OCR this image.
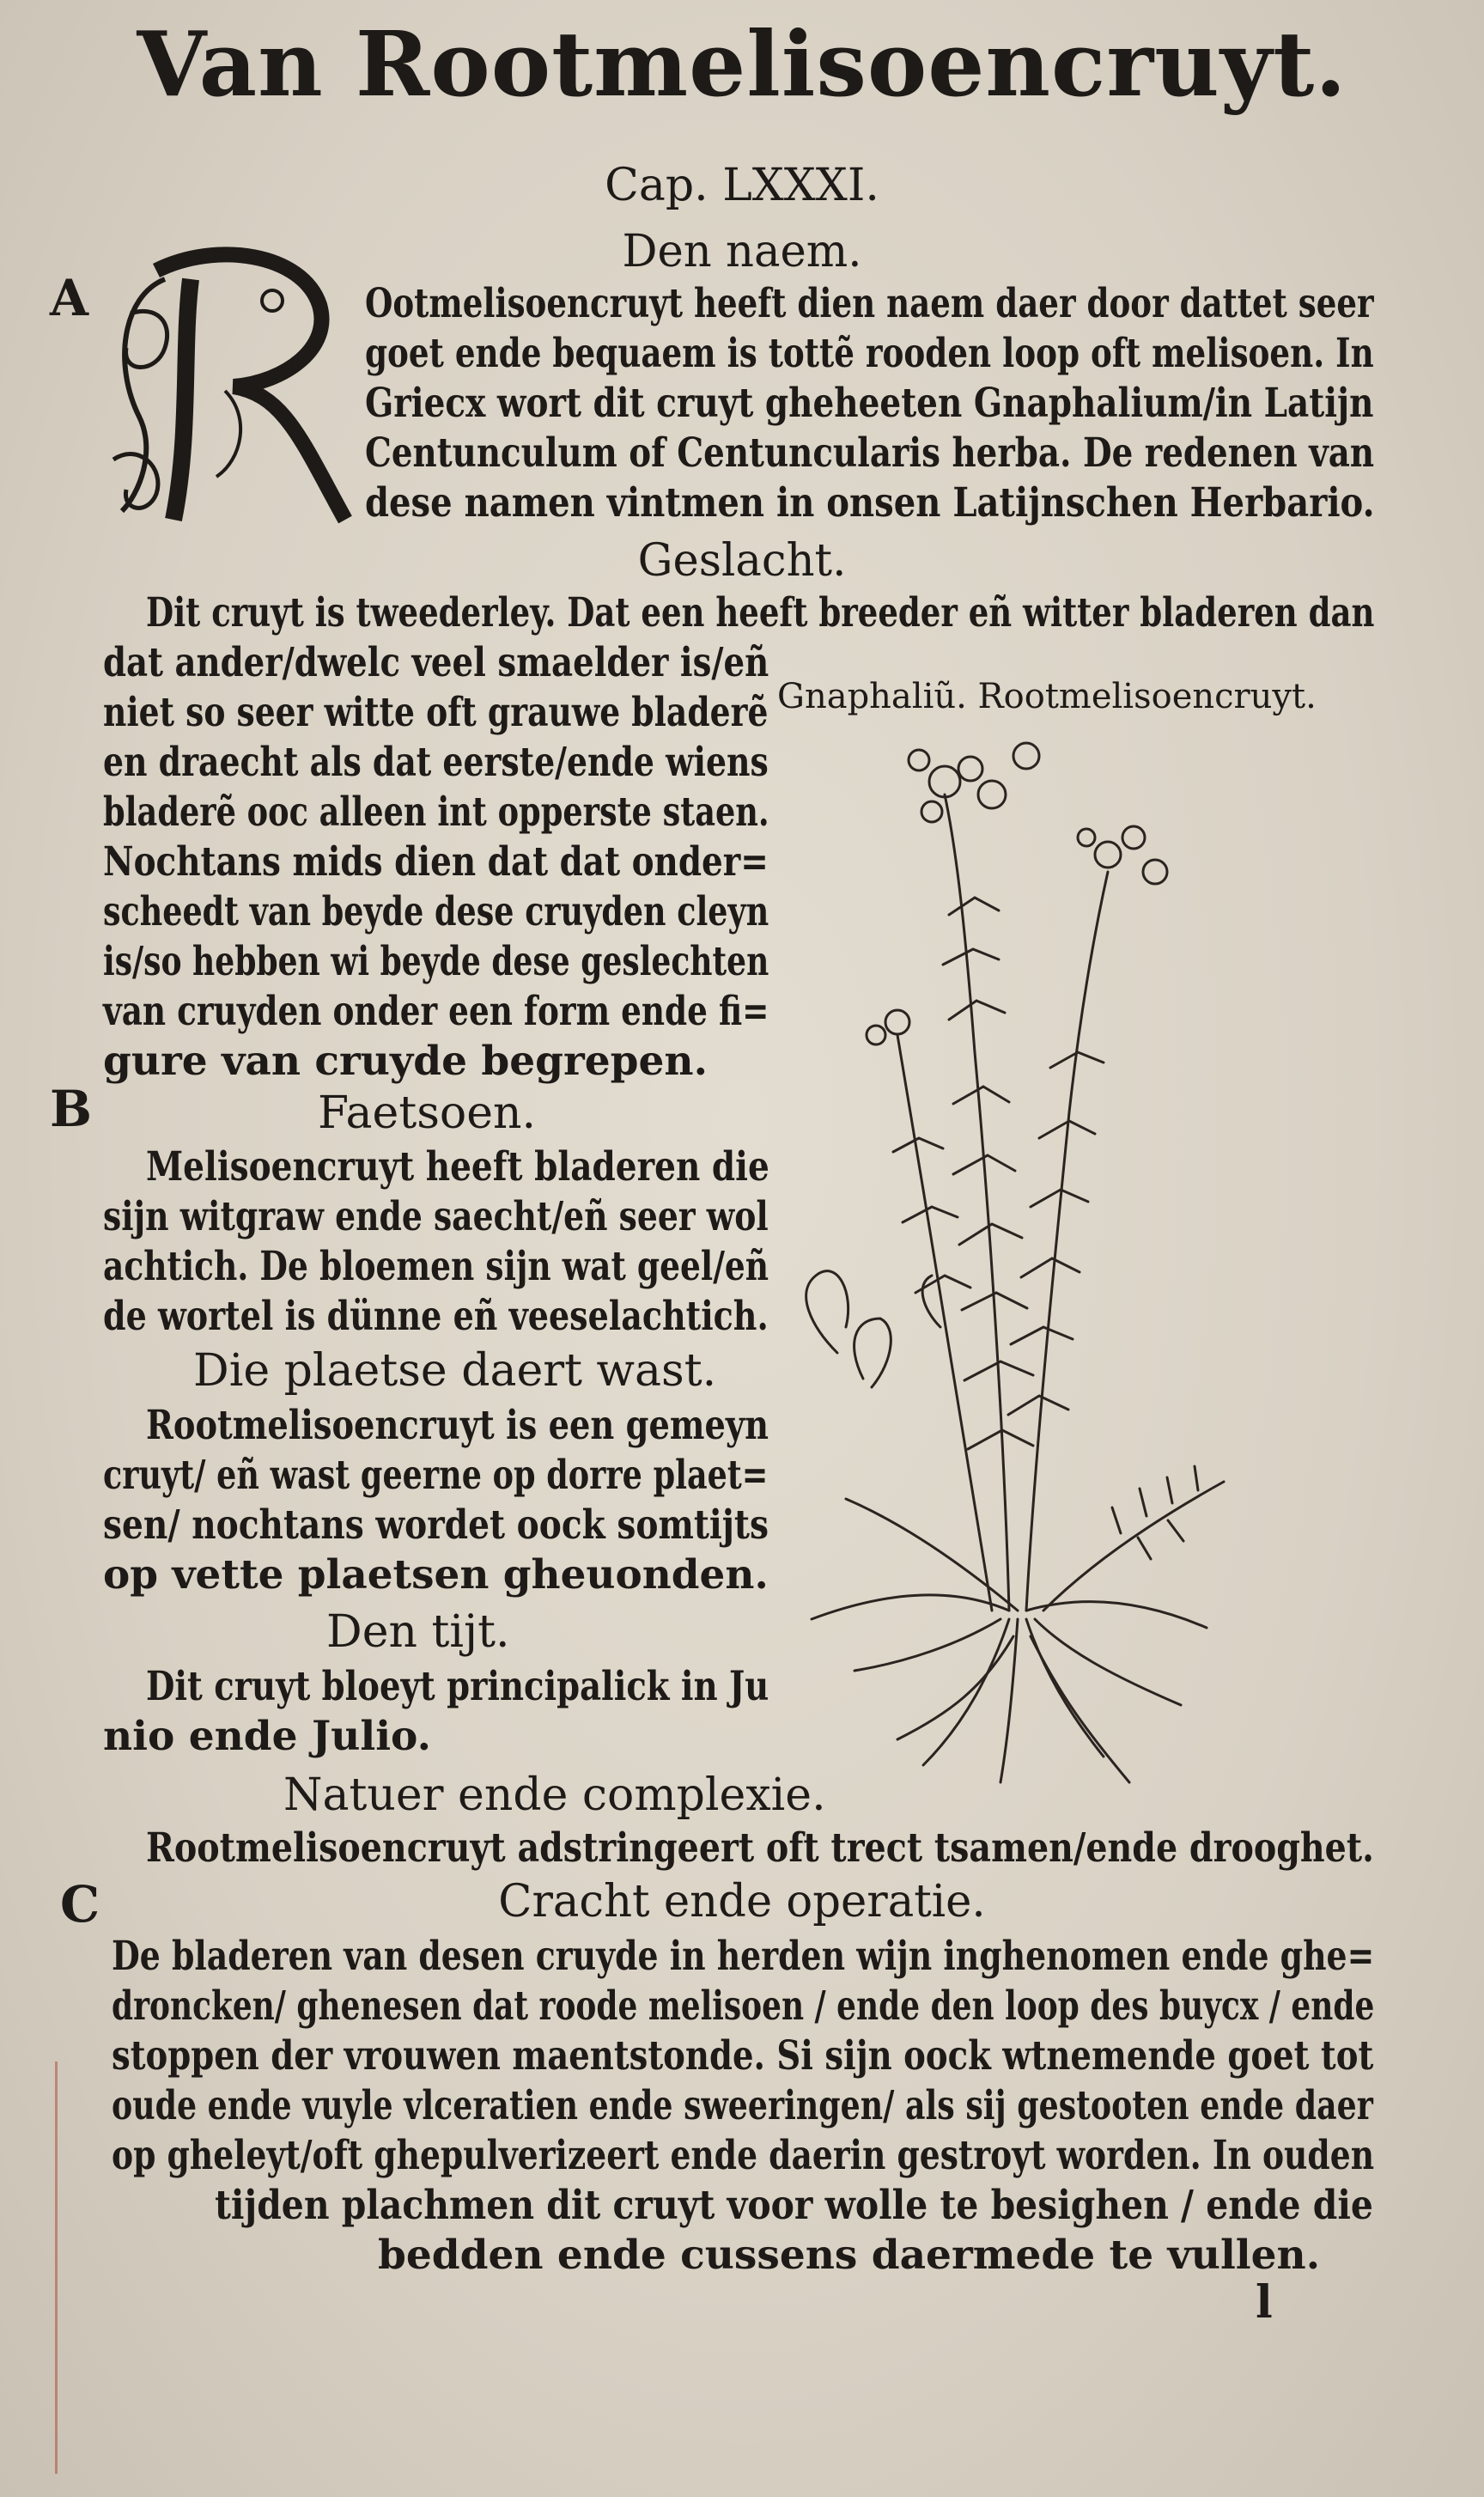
Van Rootmelisoencruyt.
Cap. LXXXI.
Den naem.
A	Ootmelisoencruyt heeft dien naem daer door dattet seer
goet ende bequaem is tottẽ rooden loop oft melisoen. In
Griecx wort dit cruyt gheheeten Gnaphalium/in Latijn
Centunculum of Centuncularis herba. De redenen van
dese namen vintmen in onsen Latijnschen Herbario.
Geslacht.
Dit cruyt is tweederley. Dat een heeft breeder eñ witter bladeren dan
dat ander/dwelc veel smaelder is/eñ
niet so seer witte oft grauwe bladerẽ
en draecht als dat eerste/ende wiens
bladerẽ ooc alleen int opperste staen.
Nochtans mids dien dat dat onder=
scheedt van beyde dese cruyden cleyn
is/so hebben wi beyde dese geslechten
van cruyden onder een form ende fi=
gure van cruyde begrepen.
Gnaphaliũ. Rootmelisoencruyt.
B	Faetsoen.
Melisoencruyt heeft bladeren die
sijn witgraw ende saecht/eñ seer wol
achtich. De bloemen sijn wat geel/eñ
de wortel is dünne eñ veeselachtich.
Die plaetse daert wast.
Rootmelisoencruyt is een gemeyn
cruyt/ eñ wast geerne op dorre plaet=
sen/ nochtans wordet oock somtijts
op vette plaetsen gheuonden.
Den tijt.
Dit cruyt bloeyt principalick in Ju
nio ende Julio.
Natuer ende complexie.
Rootmelisoencruyt adstringeert oft trect tsamen/ende drooghet.
C	Cracht ende operatie.
De bladeren van desen cruyde in herden wijn inghenomen ende ghe=
droncken/ ghenesen dat roode melisoen / ende den loop des buycx / ende
stoppen der vrouwen maentstonde. Si sijn oock wtnemende goet tot
oude ende vuyle vlceratien ende sweeringen/ als sij gestooten ende daer
op gheleyt/oft ghepulverizeert ende daerin gestroyt worden. In ouden
tijden plachmen dit cruyt voor wolle te besighen / ende die
bedden ende cussens daermede te vullen.
l
